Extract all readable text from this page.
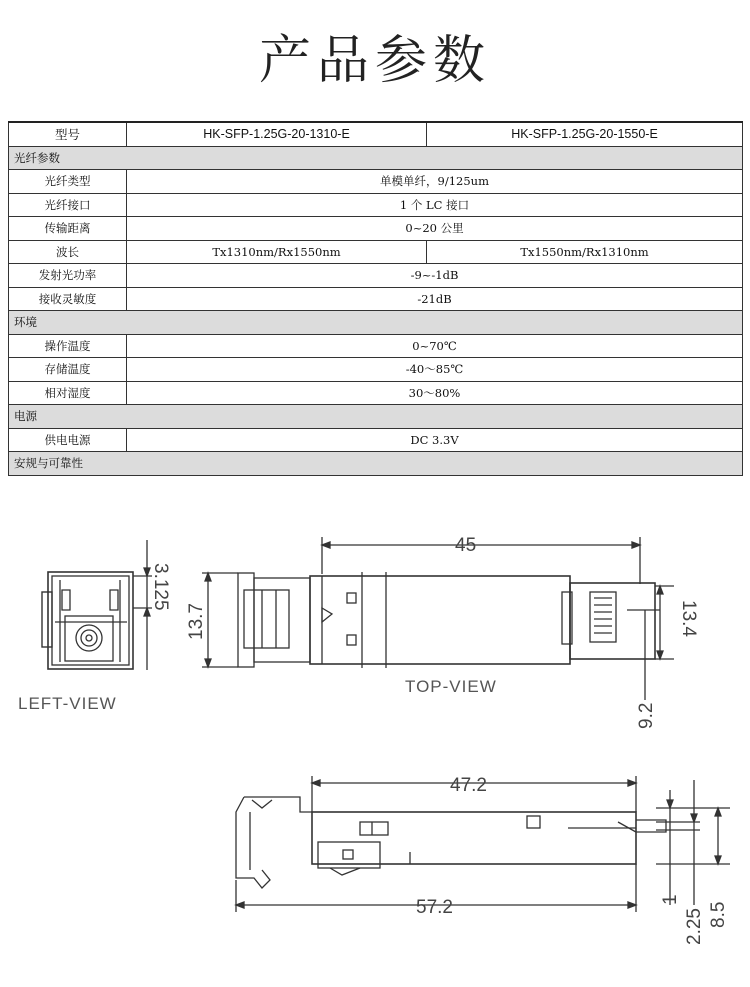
产品参数
型号	HK-SFP-1.25G-20-1310-E	HK-SFP-1.25G-20-1550-E
光纤参数		
光纤类型	单模单纤，9/125um	
光纤接口	1 个 LC 接口	
传输距离	0~20 公里	
波长	Tx1310nm/Rx1550nm	Tx1550nm/Rx1310nm
发射光功率	-9~-1dB	
接收灵敏度	-21dB	
环境		
操作温度	0~70℃	
存储温度	-40～85℃	
相对湿度	30～80%	
电源		
供电电源	DC 3.3V	
安规与可靠性		
3.125
LEFT-VIEW
45
13.7	13.4
9.2
TOP-VIEW
47.2
57.2	1
2.25 8.5
